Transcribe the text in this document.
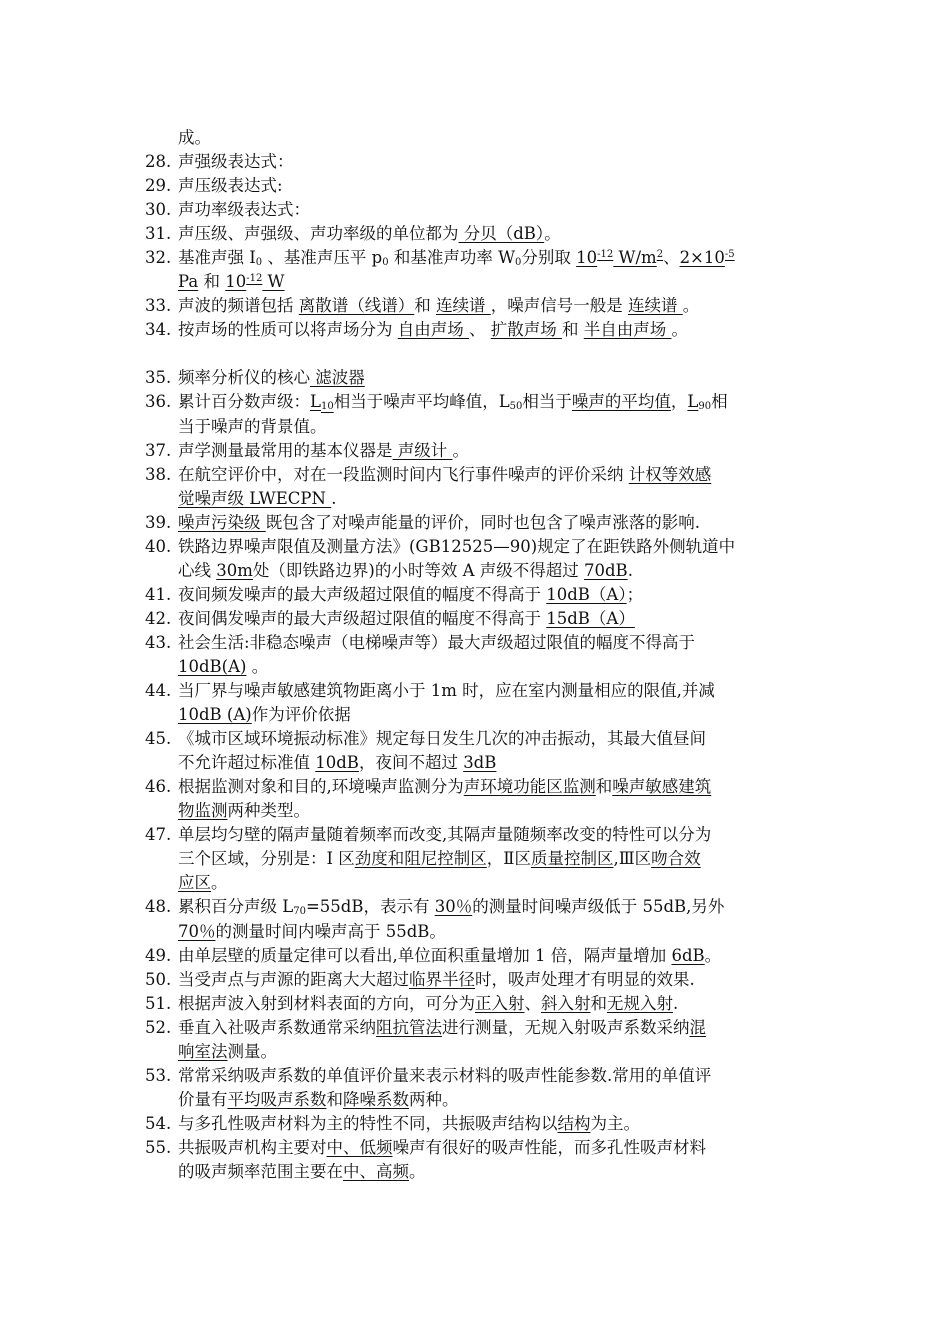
成。
28. 声强级表达式：
29. 声压级表达式:
30. 声功率级表达式：
31. 声压级、声强级、声功率级的单位都为 分贝（dB）。
32. 基准声强 $I_0$ 、基准声压平 $p_0$ 和基准声功率 $W_0$分别取 $10^{-12}$ $W/m^2$、$2\times 10^{-5}$
Pa 和 $10^{-12}$ W
33. 声波的频谱包括 离散谱（线谱）和 连续谱 ，噪声信号一般是 连续谱 。
34. 按声场的性质可以将声场分为 自由声场 、 扩散声场 和 半自由声场 。
35. 频率分析仪的核心 滤波器
36. 累计百分数声级：$L_{10}$相当于噪声平均峰值，$L_{50}$相当于噪声的平均值，$L_{90}$相
当于噪声的背景值。
37. 声学测量最常用的基本仪器是 声级计 。
38. 在航空评价中，对在一段监测时间内飞行事件噪声的评价采纳 计权等效感
觉噪声级 LWECPN .
39. 噪声污染级 既包含了对噪声能量的评价，同时也包含了噪声涨落的影响.
40. 铁路边界噪声限值及测量方法》(GB12525—90)规定了在距铁路外侧轨道中
心线 30m处（即铁路边界)的小时等效 A 声级不得超过 70dB.
41. 夜间频发噪声的最大声级超过限值的幅度不得高于 10dB（A）；
42. 夜间偶发噪声的最大声级超过限值的幅度不得高于 15dB（A）
43. 社会生活:非稳态噪声（电梯噪声等）最大声级超过限值的幅度不得高于
10dB(A) 。
44. 当厂界与噪声敏感建筑物距离小于 1m 时，应在室内测量相应的限值,并减
10dB (A)作为评价依据
45. 《城市区域环境振动标准》规定每日发生几次的冲击振动，其最大值昼间
不允许超过标准值 10dB，夜间不超过 3dB
46. 根据监测对象和目的,环境噪声监测分为声环境功能区监测和噪声敏感建筑
物监测两种类型。
47. 单层均匀壁的隔声量随着频率而改变,其隔声量随频率改变的特性可以分为
三个区域，分别是：Ⅰ 区劲度和阻尼控制区，Ⅱ区质量控制区,Ⅲ区吻合效
应区。
48. 累积百分声级 $L_{70}=55dB$，表示有 30％的测量时间噪声级低于 55dB,另外
70％的测量时间内噪声高于 55dB。
49. 由单层壁的质量定律可以看出,单位面积重量增加 1 倍，隔声量增加 6dB。
50. 当受声点与声源的距离大大超过临界半径时，吸声处理才有明显的效果.
51. 根据声波入射到材料表面的方向，可分为正入射、斜入射和无规入射.
52. 垂直入社吸声系数通常采纳阻抗管法进行测量，无规入射吸声系数采纳混
响室法测量。
53. 常常采纳吸声系数的单值评价量来表示材料的吸声性能参数.常用的单值评
价量有平均吸声系数和降噪系数两种。
54. 与多孔性吸声材料为主的特性不同，共振吸声结构以结构为主。
55. 共振吸声机构主要对中、低频噪声有很好的吸声性能，而多孔性吸声材料
的吸声频率范围主要在中、高频。
